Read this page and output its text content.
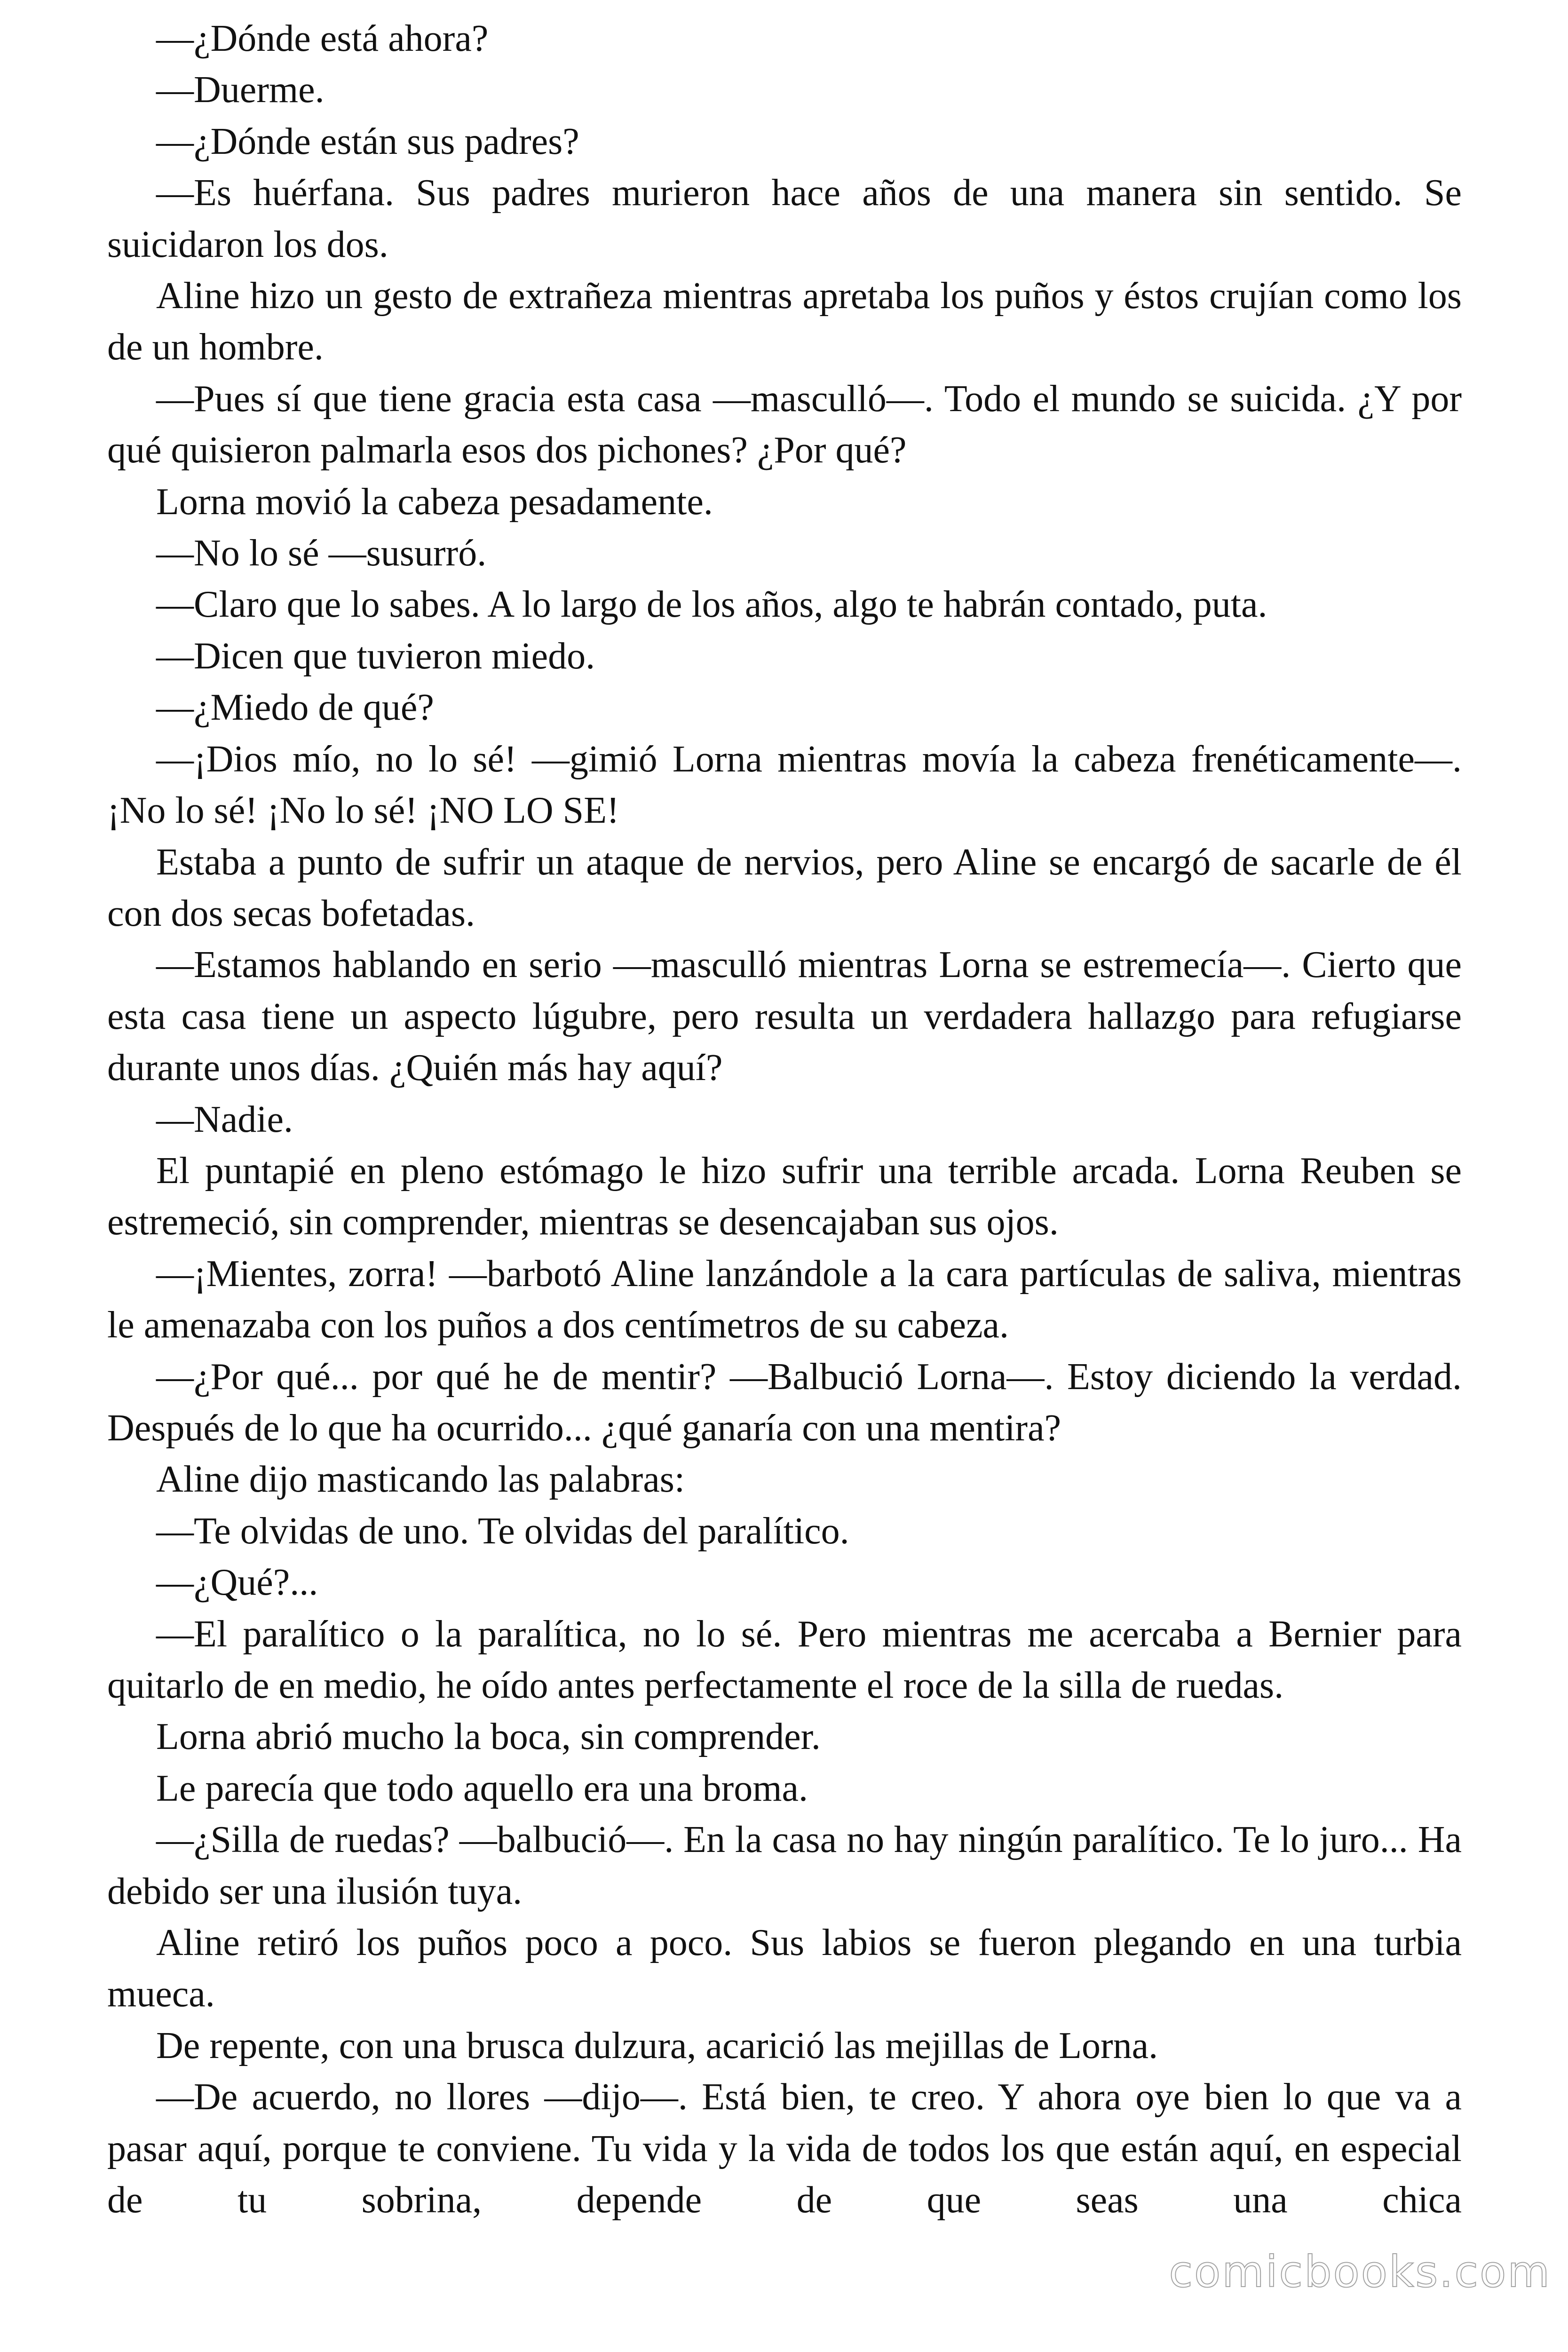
—¿Dónde está ahora?

—Duerme.

—¿Dónde están sus padres?

—Es huérfana. Sus padres murieron hace años de una manera sin sentido. Se suicidaron los dos.

Aline hizo un gesto de extrañeza mientras apretaba los puños y éstos crujían como los de un hombre.

—Pues sí que tiene gracia esta casa —masculló—. Todo el mundo se suicida. ¿Y por qué quisieron palmarla esos dos pichones? ¿Por qué?

Lorna movió la cabeza pesadamente.

—No lo sé —susurró.

—Claro que lo sabes. A lo largo de los años, algo te habrán contado, puta.

—Dicen que tuvieron miedo.

—¿Miedo de qué?

—¡Dios mío, no lo sé! —gimió Lorna mientras movía la cabeza frenéticamente—. ¡No lo sé! ¡No lo sé! ¡NO LO SE!

Estaba a punto de sufrir un ataque de nervios, pero Aline se encargó de sacarle de él con dos secas bofetadas.

—Estamos hablando en serio —masculló mientras Lorna se estremecía—. Cierto que esta casa tiene un aspecto lúgubre, pero resulta un verdadera hallazgo para refugiarse durante unos días. ¿Quién más hay aquí?

—Nadie.

El puntapié en pleno estómago le hizo sufrir una terrible arcada. Lorna Reuben se estremeció, sin comprender, mientras se desencajaban sus ojos.

—¡Mientes, zorra! —barbotó Aline lanzándole a la cara partículas de saliva, mientras le amenazaba con los puños a dos centímetros de su cabeza.

—¿Por qué... por qué he de mentir? —Balbució Lorna—. Estoy diciendo la verdad. Después de lo que ha ocurrido... ¿qué ganaría con una mentira?

Aline dijo masticando las palabras:

—Te olvidas de uno. Te olvidas del paralítico.

—¿Qué?...

—El paralítico o la paralítica, no lo sé. Pero mientras me acercaba a Bernier para quitarlo de en medio, he oído antes perfectamente el roce de la silla de ruedas.

Lorna abrió mucho la boca, sin comprender.

Le parecía que todo aquello era una broma.

—¿Silla de ruedas? —balbució—. En la casa no hay ningún paralítico. Te lo juro... Ha debido ser una ilusión tuya.

Aline retiró los puños poco a poco. Sus labios se fueron plegando en una turbia mueca.

De repente, con una brusca dulzura, acarició las mejillas de Lorna.

—De acuerdo, no llores —dijo—. Está bien, te creo. Y ahora oye bien lo que va a pasar aquí, porque te conviene. Tu vida y la vida de todos los que están aquí, en especial de tu sobrina, depende de que seas una chica

comicbooks.com
